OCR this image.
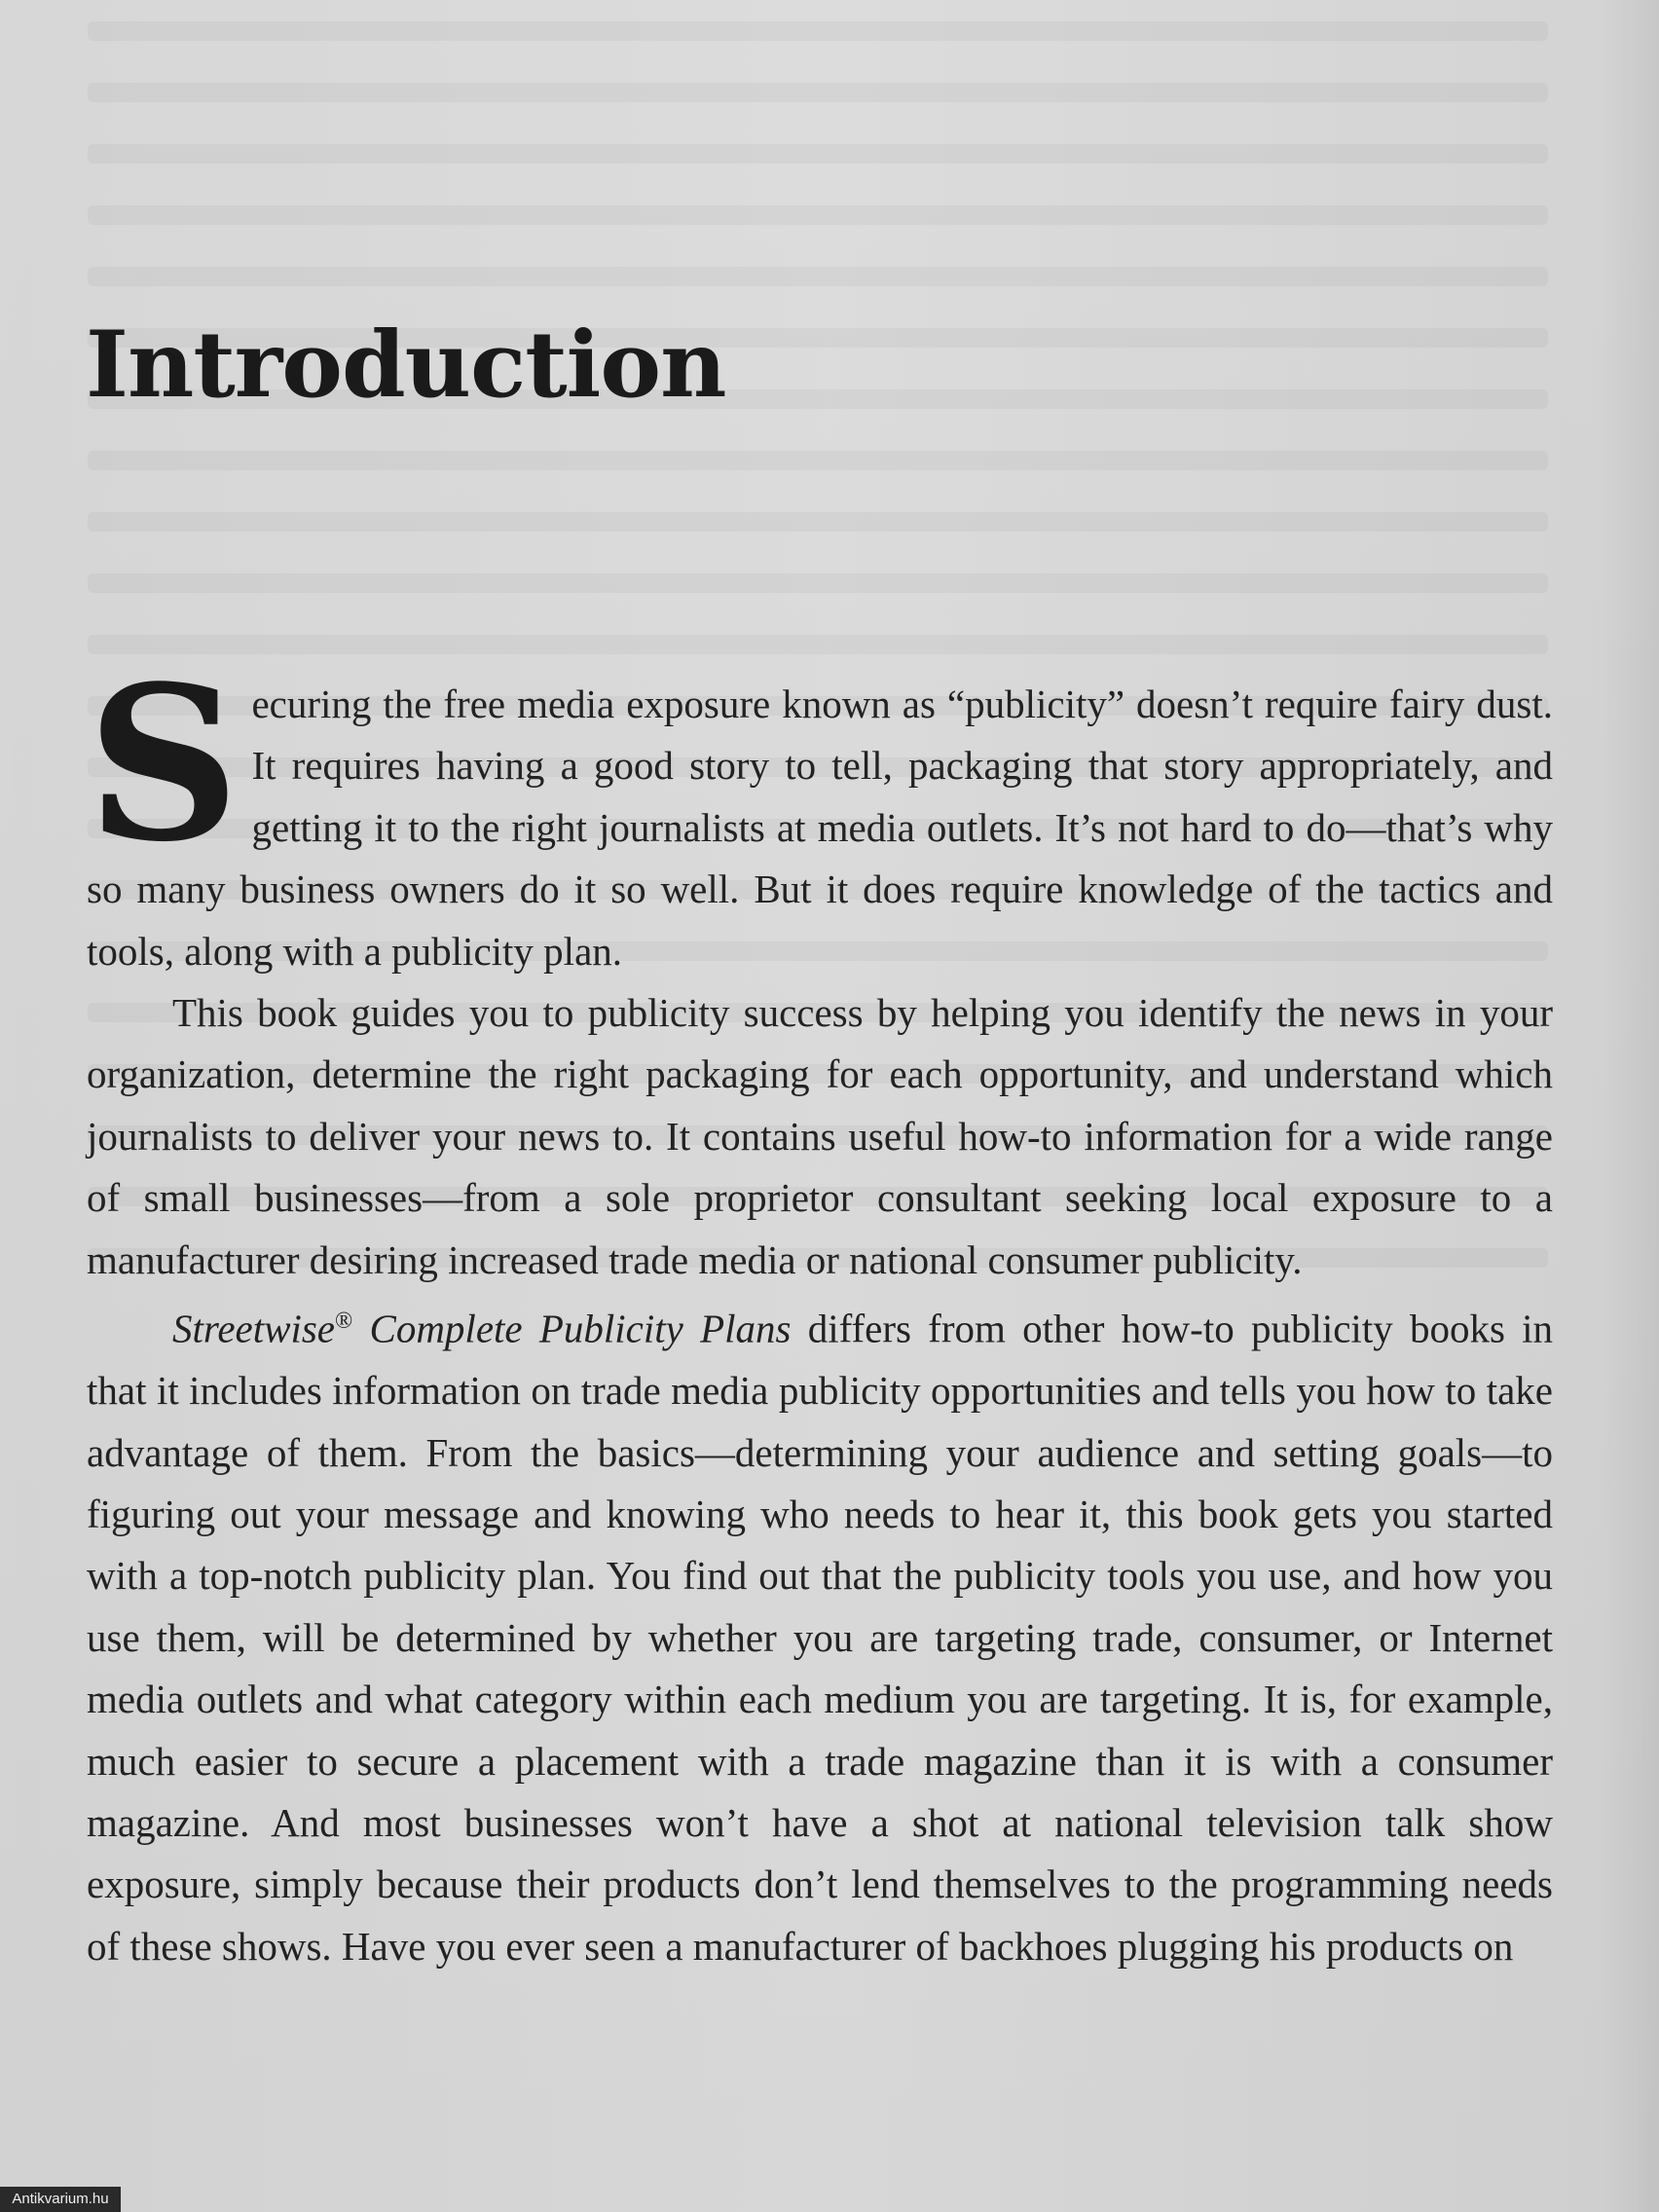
Introduction

Securing the free media exposure known as “publicity” doesn’t require fairy dust. It requires having a good story to tell, packaging that story appropriately, and getting it to the right journalists at media outlets. It’s not hard to do—that’s why so many business owners do it so well. But it does require knowledge of the tactics and tools, along with a publicity plan.

This book guides you to publicity success by helping you identify the news in your organization, determine the right packaging for each opportunity, and understand which journalists to deliver your news to. It contains useful how-to information for a wide range of small businesses—from a sole proprietor consultant seeking local exposure to a manufacturer desiring increased trade media or national consumer publicity.

Streetwise® Complete Publicity Plans differs from other how-to publicity books in that it includes information on trade media publicity opportunities and tells you how to take advantage of them. From the basics—determining your audience and setting goals—to figuring out your message and knowing who needs to hear it, this book gets you started with a top-notch publicity plan. You find out that the publicity tools you use, and how you use them, will be determined by whether you are targeting trade, consumer, or Internet media outlets and what category within each medium you are targeting. It is, for example, much easier to secure a placement with a trade magazine than it is with a consumer magazine. And most businesses won’t have a shot at national television talk show exposure, simply because their products don’t lend themselves to the programming needs of these shows. Have you ever seen a manufacturer of backhoes plugging his products on

Antikvarium.hu
